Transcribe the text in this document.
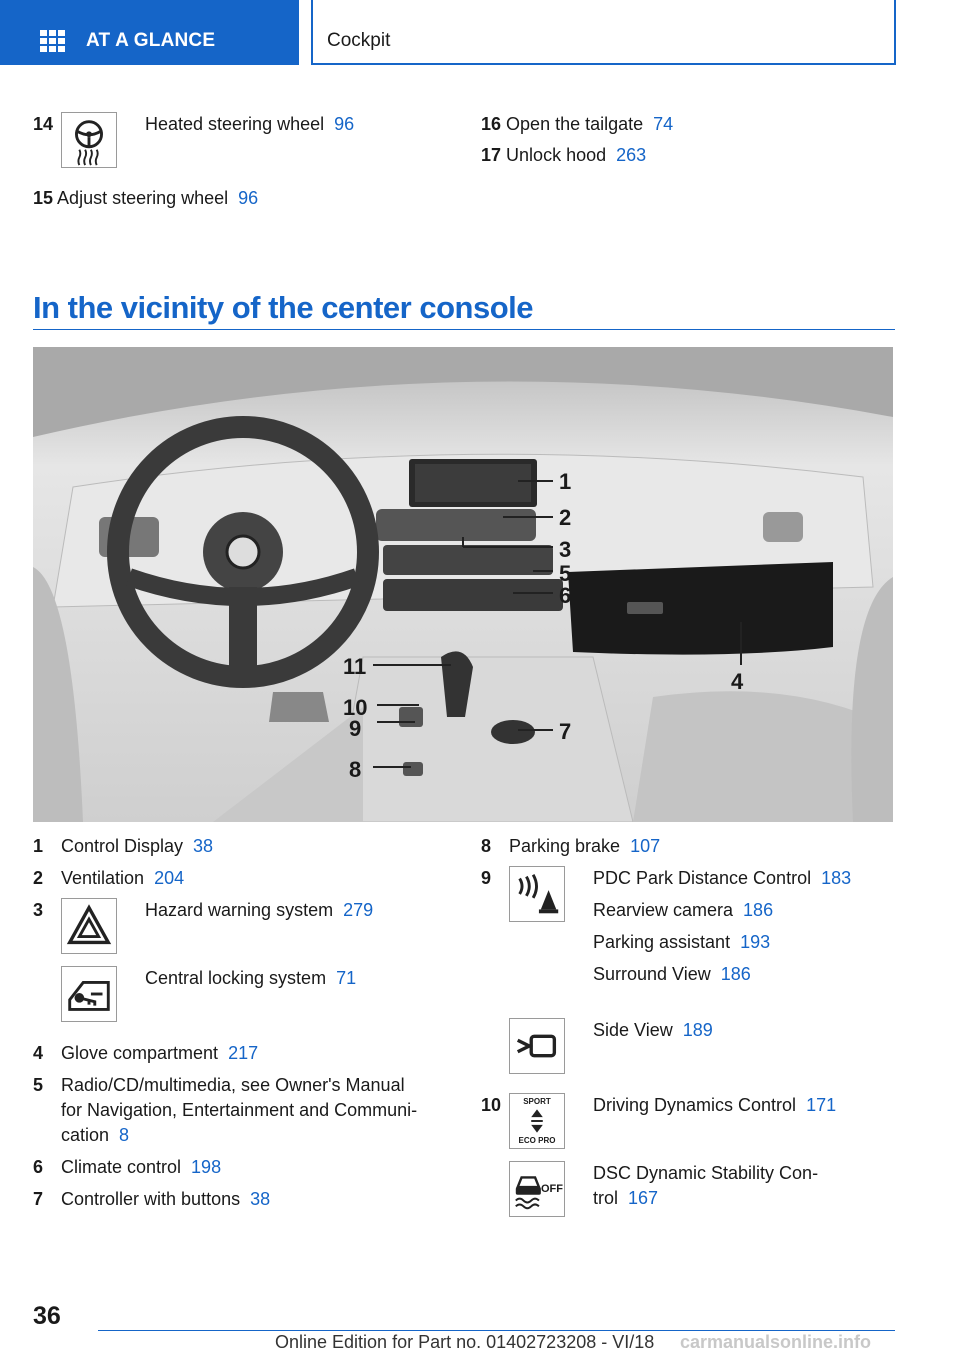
AT A GLANCE	Cockpit
14	Heated steering wheel 96
15 Adjust steering wheel 96
16 Open the tailgate 74
17 Unlock hood 263
In the vicinity of the center console
1
2
3
5
6
4
11
10
9	7
8
1 Control Display 38
2 Ventilation 204
3	Hazard warning system 279
Central locking system 71
4 Glove compartment 217
5 Radio/CD/multimedia, see Owner's Manual
for Navigation, Entertainment and Communi-
cation 8
6 Climate control 198
7 Controller with buttons 38
8 Parking brake 107
9	PDC Park Distance Control 183
Rearview camera 186
Parking assistant 193
Surround View 186
Side View 189
10	SPORT
ECO PRO
Driving Dynamics Control 171
OFF
DSC Dynamic Stability Con-
trol 167
36
Online Edition for Part no. 01402723208 - VI/18 carmanualsonline.info
